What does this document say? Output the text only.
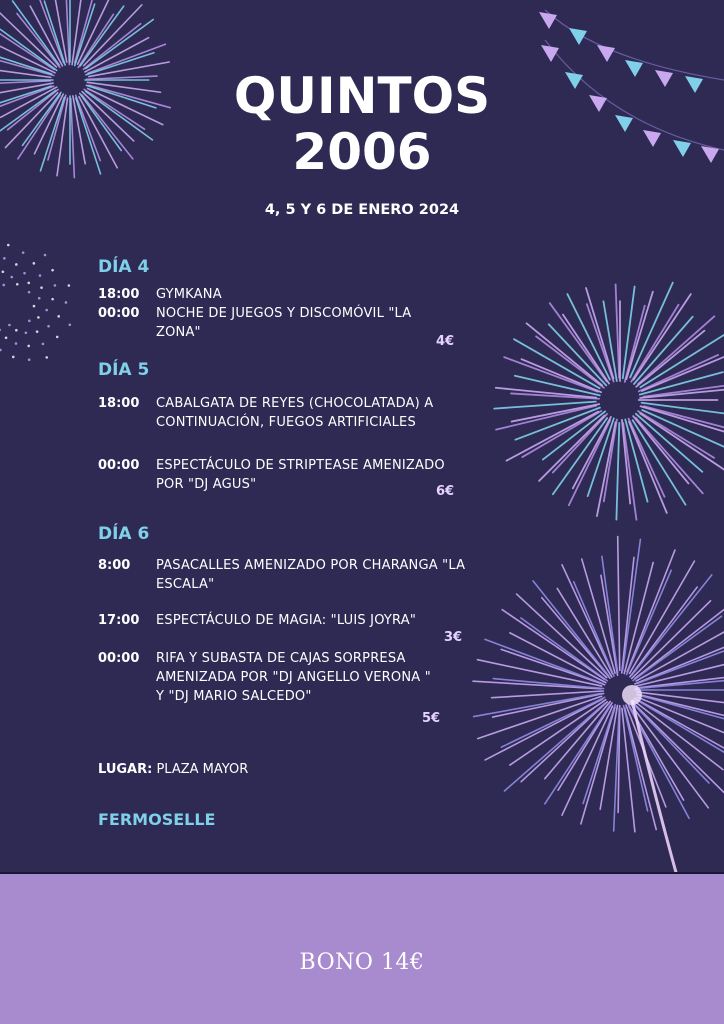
BONO 14€
QUINTOS
2006
4, 5 Y 6 DE ENERO 2024
DÍA 4
18:00 GYMKANA
00:00 NOCHE DE JUEGOS Y DISCOMÓVIL "LA ZONA"
4€
DÍA 5
18:00 CABALGATA DE REYES (CHOCOLATADA) A CONTINUACIÓN, FUEGOS ARTIFICIALES
00:00 ESPECTÁCULO DE STRIPTEASE AMENIZADO POR "DJ AGUS"	6€
DÍA 6
8:00 PASACALLES AMENIZADO POR CHARANGA "LA ESCALA"
17:00 ESPECTÁCULO DE MAGIA: "LUIS JOYRA"
3€
00:00 RIFA Y SUBASTA DE CAJAS SORPRESA AMENIZADA POR "DJ ANGELLO VERONA " Y "DJ MARIO SALCEDO"
5€
LUGAR: PLAZA MAYOR
FERMOSELLE
